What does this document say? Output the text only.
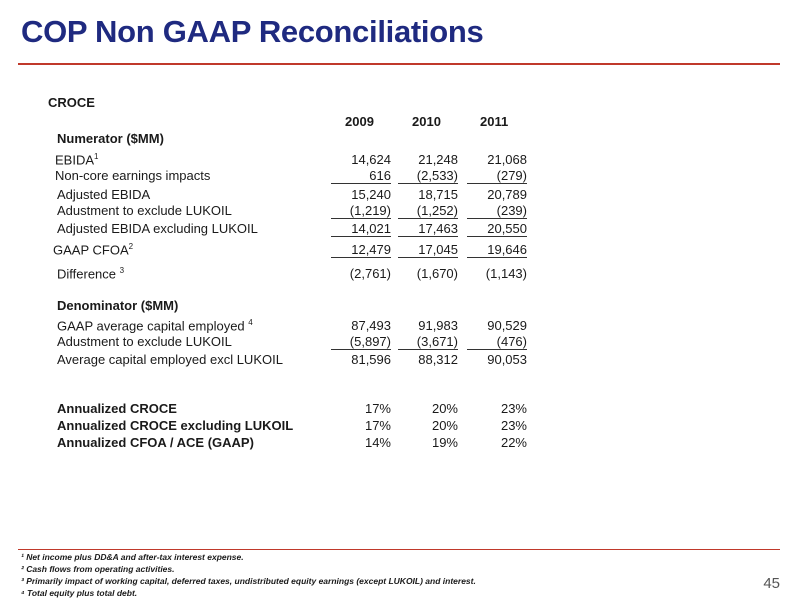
COP Non GAAP Reconciliations
CROCE
2009	2010	2011
Numerator ($MM)
EBIDA$^1$	14,624	21,248	21,068
Non-core earnings impacts	616	(2,533)	(279)
Adjusted EBIDA	15,240	18,715	20,789
Adustment to exclude LUKOIL	(1,219)	(1,252)	(239)
Adjusted EBIDA excluding LUKOIL	14,021	17,463	20,550
GAAP CFOA$^2$	12,479	17,045	19,646
Difference $^3$	(2,761)	(1,670)	(1,143)
Denominator ($MM)
GAAP average capital employed $^4$	87,493	91,983	90,529
Adustment to exclude LUKOIL	(5,897)	(3,671)	(476)
Average capital employed excl LUKOIL	81,596	88,312	90,053
Annualized CROCE	17%	20%	23%
Annualized CROCE excluding LUKOIL	17%	20%	23%
Annualized CFOA / ACE (GAAP)	14%	19%	22%
¹ Net income plus DD&A and after-tax interest expense.
² Cash flows from operating activities.
³ Primarily impact of working capital, deferred taxes, undistributed equity earnings (except LUKOIL) and interest.
⁴ Total equity plus total debt.
45
